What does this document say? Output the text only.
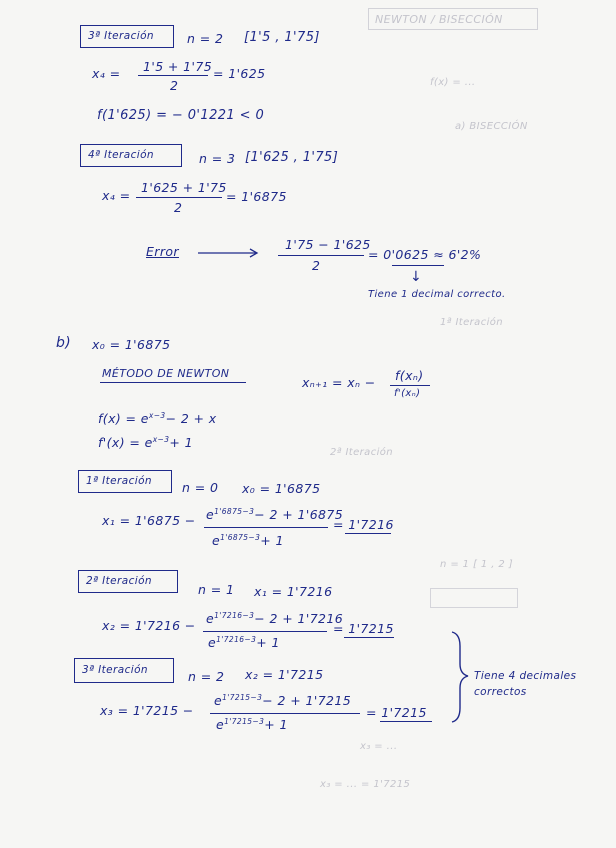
NEWTON / BISECCIÓN
f(x) = ...
a) BISECCIÓN
1ª Iteración
2ª Iteración
n = 1 [ 1 , 2 ]
x₃ = ...
x₃ = ... = 1'7215
3ª Iteración	n = 2 [1'5 , 1'75]
x₄ = 1'5 + 1'75
2
= 1'625
f(1'625) = − 0'1221 < 0
4ª Iteración	n = 3 [1'625 , 1'75]
x₄ =
1'625 + 1'75
2
= 1'6875
Error	1'75 − 1'625
2
= 0'0625 ≈ 6'2%
↓
Tiene 1 decimal correcto.
b) x₀ = 1'6875
MÉTODO DE NEWTON
xₙ₊₁ = xₙ − f(xₙ)
f'(xₙ)
$f(x) = e^{x-3}- 2 + x$
$f'(x) = e^{x-3}+ 1$
1ª Iteración n = 0 x₀ = 1'6875
$x_1 = 1'6875 - e^{1'6875-3}- 2 + 1'6875$
$e^{1'6875-3}+ 1$
= 1'7216
2ª Iteración
n = 1 x₁ = 1'7216
$x_2 = 1'7216 - e^{1'7216-3}- 2 + 1'7216$
$e^{1'7216-3}+ 1$
= 1'7215
3ª Iteración	n = 2 x₂ = 1'7215
x₃ = 1'7215 −
$e^{1'7215-3}- 2 + 1'7215$
$e^{1'7215-3}+ 1$
= 1'7215
Tiene 4 decimales correctos
